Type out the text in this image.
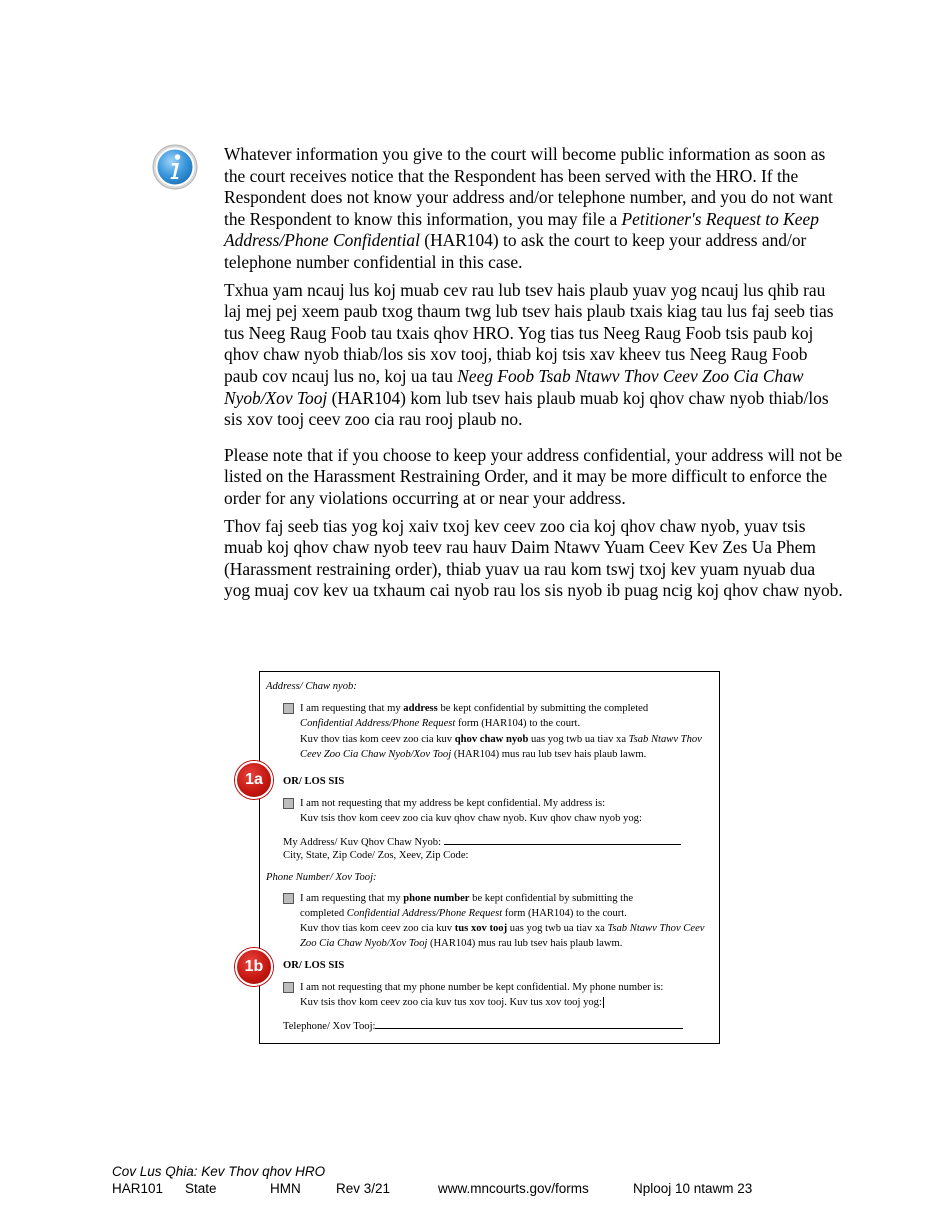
Whatever information you give to the court will become public information as soon as the court receives notice that the Respondent has been served with the HRO. If the Respondent does not know your address and/or telephone number, and you do not want the Respondent to know this information, you may file a Petitioner's Request to Keep Address/Phone Confidential (HAR104) to ask the court to keep your address and/or telephone number confidential in this case.

Txhua yam ncauj lus koj muab cev rau lub tsev hais plaub yuav yog ncauj lus qhib rau laj mej pej xeem paub txog thaum twg lub tsev hais plaub txais kiag tau lus faj seeb tias tus Neeg Raug Foob tau txais qhov HRO. Yog tias tus Neeg Raug Foob tsis paub koj qhov chaw nyob thiab/los sis xov tooj, thiab koj tsis xav kheev tus Neeg Raug Foob paub cov ncauj lus no, koj ua tau Neeg Foob Tsab Ntawv Thov Ceev Zoo Cia Chaw Nyob/Xov Tooj (HAR104) kom lub tsev hais plaub muab koj qhov chaw nyob thiab/los sis xov tooj ceev zoo cia rau rooj plaub no.

Please note that if you choose to keep your address confidential, your address will not be listed on the Harassment Restraining Order, and it may be more difficult to enforce the order for any violations occurring at or near your address.

Thov faj seeb tias yog koj xaiv txoj kev ceev zoo cia koj qhov chaw nyob, yuav tsis muab koj qhov chaw nyob teev rau hauv Daim Ntawv Yuam Ceev Kev Zes Ua Phem (Harassment restraining order), thiab yuav ua rau kom tswj txoj kev yuam nyuab dua yog muaj cov kev ua txhaum cai nyob rau los sis nyob ib puag ncig koj qhov chaw nyob.

Address/ Chaw nyob:
I am requesting that my address be kept confidential by submitting the completed
Confidential Address/Phone Request form (HAR104) to the court.
Kuv thov tias kom ceev zoo cia kuv qhov chaw nyob uas yog twb ua tiav xa Tsab Ntawv Thov Ceev Zoo Cia Chaw Nyob/Xov Tooj (HAR104) mus rau lub tsev hais plaub lawm.
OR/ LOS SIS
I am not requesting that my address be kept confidential. My address is:
Kuv tsis thov kom ceev zoo cia kuv qhov chaw nyob. Kuv qhov chaw nyob yog:
My Address/ Kuv Qhov Chaw Nyob:
City, State, Zip Code/ Zos, Xeev, Zip Code:
Phone Number/ Xov Tooj:
I am requesting that my phone number be kept confidential by submitting the
completed Confidential Address/Phone Request form (HAR104) to the court.
Kuv thov tias kom ceev zoo cia kuv tus xov tooj uas yog twb ua tiav xa Tsab Ntawv Thov Ceev Zoo Cia Chaw Nyob/Xov Tooj (HAR104) mus rau lub tsev hais plaub lawm.
OR/ LOS SIS
I am not requesting that my phone number be kept confidential. My phone number is:
Kuv tsis thov kom ceev zoo cia kuv tus xov tooj. Kuv tus xov tooj yog:
Telephone/ Xov Tooj:
1a
1b
Cov Lus Qhia: Kev Thov qhov HRO
HAR101 State	HMN	Rev 3/21	www.mncourts.gov/forms	Nplooj 10 ntawm 23
